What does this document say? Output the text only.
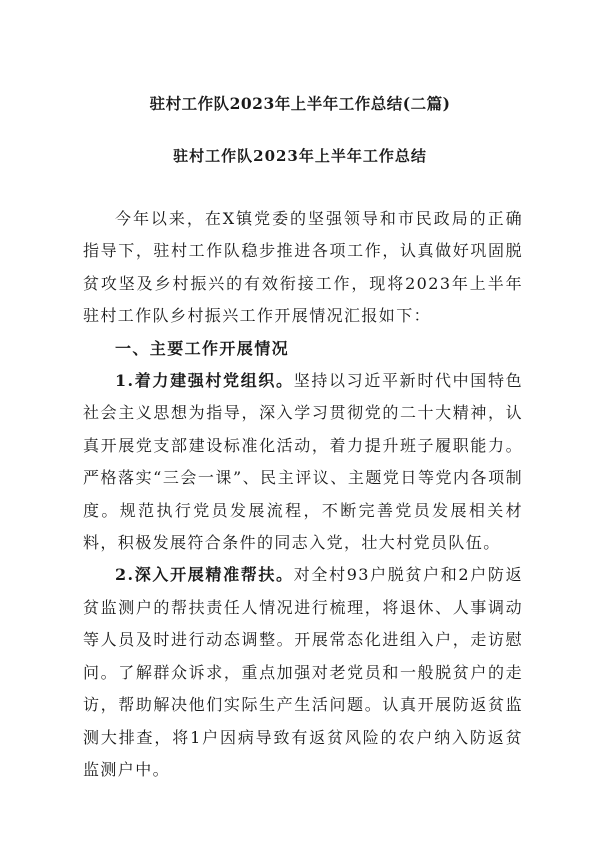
驻村工作队2023年上半年工作总结(二篇)
驻村工作队2023年上半年工作总结

今年以来，在X镇党委的坚强领导和市民政局的正确指导下，驻村工作队稳步推进各项工作，认真做好巩固脱贫攻坚及乡村振兴的有效衔接工作，现将2023年上半年驻村工作队乡村振兴工作开展情况汇报如下：

一、主要工作开展情况

1.着力建强村党组织。坚持以习近平新时代中国特色社会主义思想为指导，深入学习贯彻党的二十大精神，认真开展党支部建设标准化活动，着力提升班子履职能力。严格落实“三会一课”、民主评议、主题党日等党内各项制度。规范执行党员发展流程，不断完善党员发展相关材料，积极发展符合条件的同志入党，壮大村党员队伍。

2.深入开展精准帮扶。对全村93户脱贫户和2户防返贫监测户的帮扶责任人情况进行梳理，将退休、人事调动等人员及时进行动态调整。开展常态化进组入户，走访慰问。了解群众诉求，重点加强对老党员和一般脱贫户的走访，帮助解决他们实际生产生活问题。认真开展防返贫监测大排查，将1户因病导致有返贫风险的农户纳入防返贫监测户中。
